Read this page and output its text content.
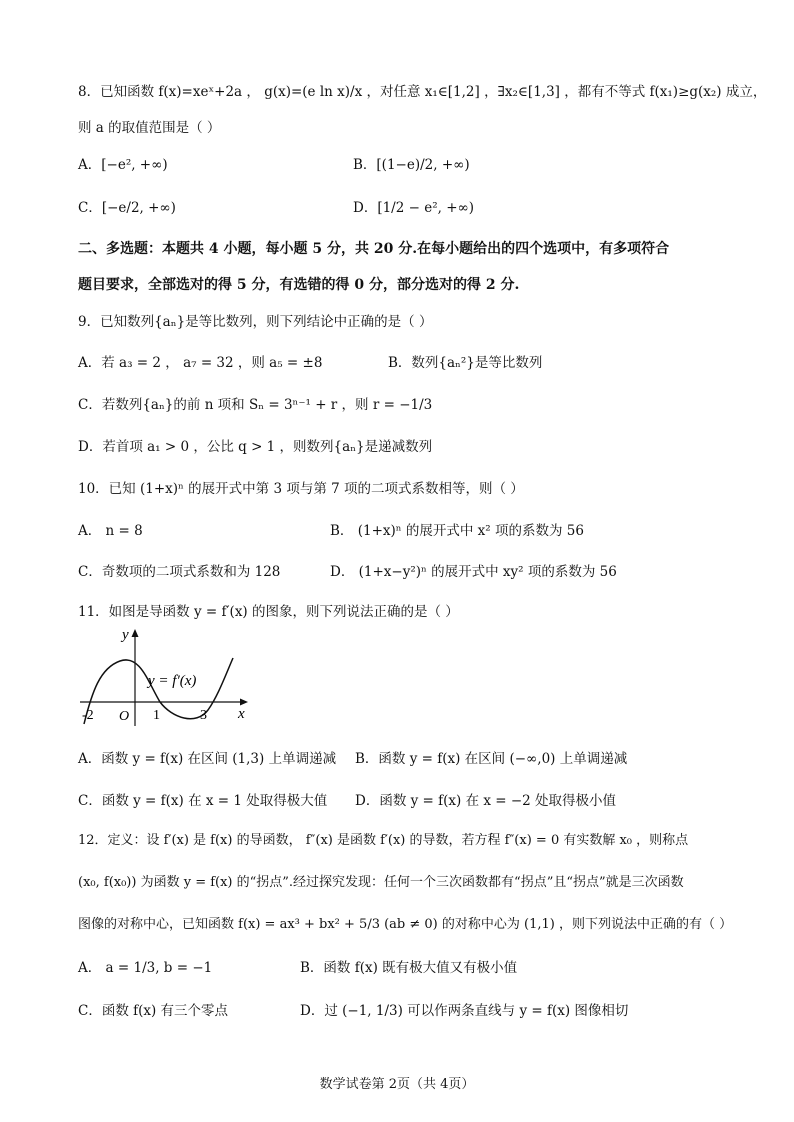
8．已知函数 f(x)=xeˣ+2a ， g(x)=(e ln x)/x ，对任意 x₁∈[1,2] ，∃x₂∈[1,3] ，都有不等式 f(x₁)≥g(x₂) 成立，
则 a 的取值范围是（ ）
A．[−e², +∞)	B．[(1−e)/2, +∞)
C．[−e/2, +∞)	D．[1/2 − e², +∞)
二、多选题：本题共 4 小题，每小题 5 分，共 20 分.在每小题给出的四个选项中，有多项符合
题目要求，全部选对的得 5 分，有选错的得 0 分，部分选对的得 2 分.
9．已知数列{aₙ}是等比数列，则下列结论中正确的是（ ）
A．若 a₃ = 2 ， a₇ = 32 ，则 a₅ = ±8	B．数列{aₙ²}是等比数列
C．若数列{aₙ}的前 n 项和 Sₙ = 3ⁿ⁻¹ + r ，则 r = −1/3
D．若首项 a₁ > 0 ，公比 q > 1 ，则数列{aₙ}是递减数列
10．已知 (1+x)ⁿ 的展开式中第 3 项与第 7 项的二项式系数相等，则（ ）
A． n = 8	B． (1+x)ⁿ 的展开式中 x² 项的系数为 56
C．奇数项的二项式系数和为 128	D． (1+x−y²)ⁿ 的展开式中 xy² 项的系数为 56
11．如图是导函数 y = f′(x) 的图象，则下列说法正确的是（ ）
y
x
y = f′(x)
-2 O 1	3
A．函数 y = f(x) 在区间 (1,3) 上单调递减 B．函数 y = f(x) 在区间 (−∞,0) 上单调递减
C．函数 y = f(x) 在 x = 1 处取得极大值 D．函数 y = f(x) 在 x = −2 处取得极小值
12．定义：设 f′(x) 是 f(x) 的导函数， f″(x) 是函数 f′(x) 的导数，若方程 f″(x) = 0 有实数解 x₀ ，则称点
(x₀, f(x₀)) 为函数 y = f(x) 的“拐点”.经过探究发现：任何一个三次函数都有“拐点”且“拐点”就是三次函数
图像的对称中心，已知函数 f(x) = ax³ + bx² + 5/3 (ab ≠ 0) 的对称中心为 (1,1) ，则下列说法中正确的有（ ）
A． a = 1/3, b = −1	B．函数 f(x) 既有极大值又有极小值
C．函数 f(x) 有三个零点	D．过 (−1, 1/3) 可以作两条直线与 y = f(x) 图像相切
数学试卷第 2页（共 4页）
